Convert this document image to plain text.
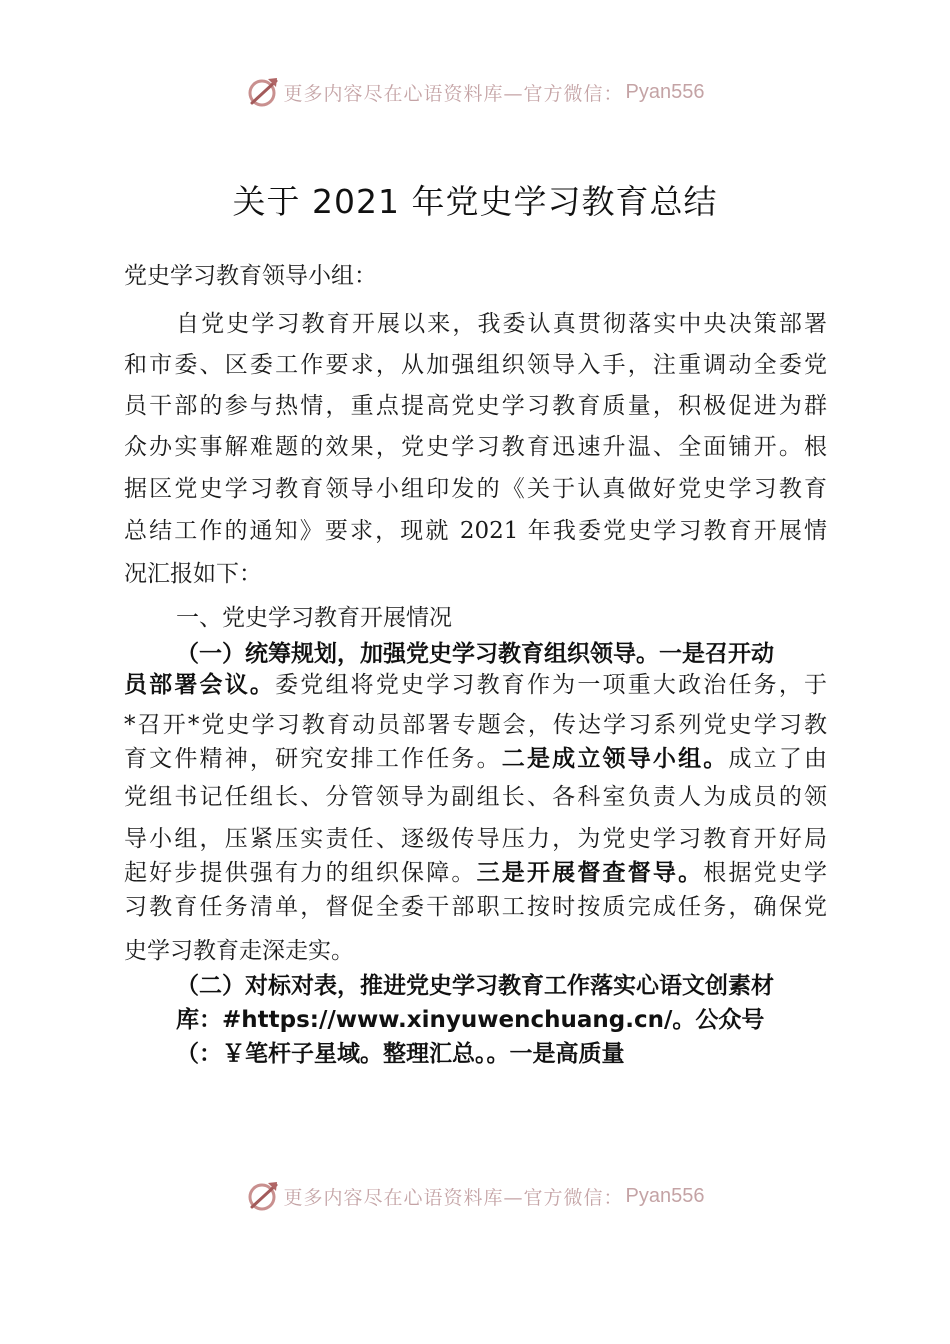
更多内容尽在心语资料库—官方微信： Pyan556
关于 2021 年党史学习教育总结
党史学习教育领导小组：
自党史学习教育开展以来，我委认真贯彻落实中央决策部署
和市委、区委工作要求，从加强组织领导入手，注重调动全委党
员干部的参与热情，重点提高党史学习教育质量，积极促进为群
众办实事解难题的效果，党史学习教育迅速升温、全面铺开。根
据区党史学习教育领导小组印发的《关于认真做好党史学习教育
总结工作的通知》要求，现就 2021 年我委党史学习教育开展情
况汇报如下：
一、党史学习教育开展情况
（一）统筹规划，加强党史学习教育组织领导。一是召开动
员部署会议。委党组将党史学习教育作为一项重大政治任务，于
*召开*党史学习教育动员部署专题会，传达学习系列党史学习教
育文件精神，研究安排工作任务。二是成立领导小组。成立了由
党组书记任组长、分管领导为副组长、各科室负责人为成员的领
导小组，压紧压实责任、逐级传导压力，为党史学习教育开好局
起好步提供强有力的组织保障。三是开展督查督导。根据党史学
习教育任务清单，督促全委干部职工按时按质完成任务，确保党
史学习教育走深走实。
（二）对标对表，推进党史学习教育工作落实心语文创素材
库：#https://www.xinyuwenchuang.cn/。公众号
（：￥笔杆子星域。整理汇总。。一是高质量
更多内容尽在心语资料库—官方微信： Pyan556
